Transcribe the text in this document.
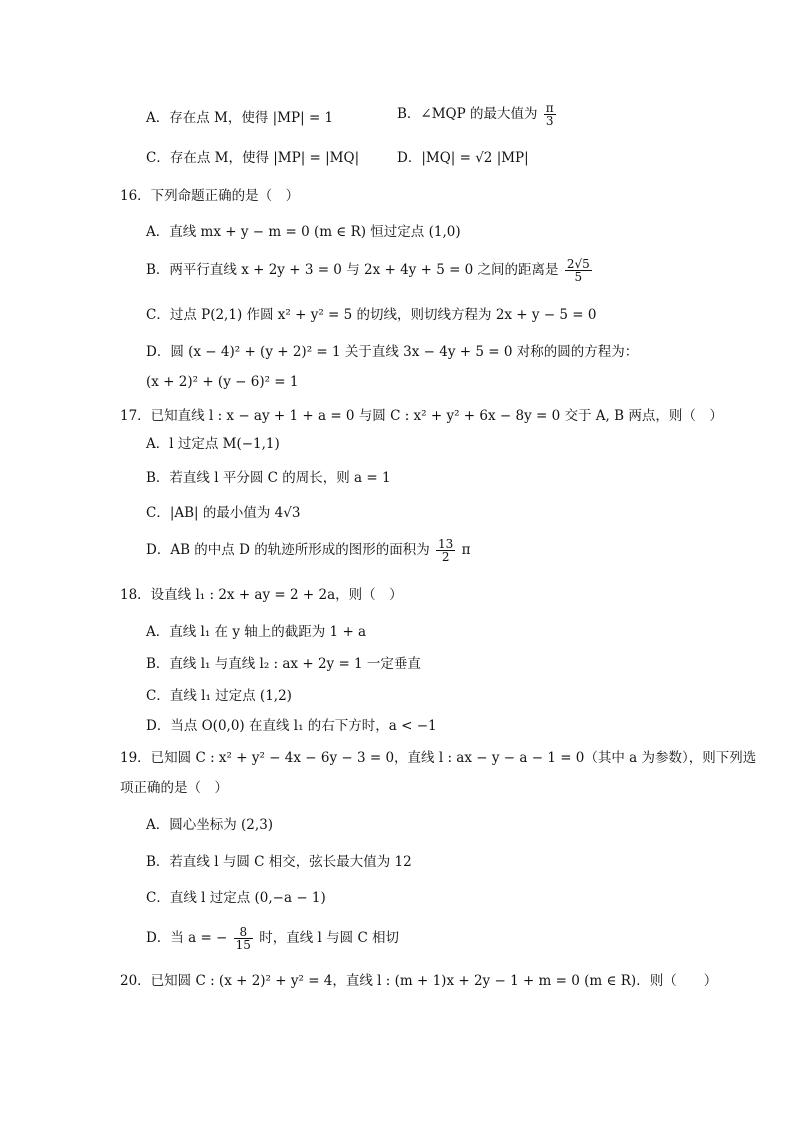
A．存在点 M，使得 |MP| = 1	B．∠MQP 的最大值为 $\frac{\pi}{3}$
C．存在点 M，使得 |MP| = |MQ|	D．|MQ| = √2 |MP|
16．下列命题正确的是（　）
A．直线 mx + y − m = 0 (m ∈ R) 恒过定点 (1,0)
B．两平行直线 x + 2y + 3 = 0 与 2x + 4y + 5 = 0 之间的距离是 $\frac{2√5}{5}$
C．过点 P(2,1) 作圆 x² + y² = 5 的切线，则切线方程为 2x + y − 5 = 0
D．圆 (x − 4)² + (y + 2)² = 1 关于直线 3x − 4y + 5 = 0 对称的圆的方程为：
(x + 2)² + (y − 6)² = 1
17．已知直线 l : x − ay + 1 + a = 0 与圆 C : x² + y² + 6x − 8y = 0 交于 A, B 两点，则（　）
A．l 过定点 M(−1,1)
B．若直线 l 平分圆 C 的周长，则 a = 1
C．|AB| 的最小值为 4√3
D．AB 的中点 D 的轨迹所形成的图形的面积为 $\frac{13}{2}$ π
18．设直线 l₁ : 2x + ay = 2 + 2a，则（　）
A．直线 l₁ 在 y 轴上的截距为 1 + a
B．直线 l₁ 与直线 l₂ : ax + 2y = 1 一定垂直
C．直线 l₁ 过定点 (1,2)
D．当点 O(0,0) 在直线 l₁ 的右下方时，a < −1
19．已知圆 C : x² + y² − 4x − 6y − 3 = 0，直线 l : ax − y − a − 1 = 0（其中 a 为参数），则下列选
项正确的是（　）
A．圆心坐标为 (2,3)
B．若直线 l 与圆 C 相交，弦长最大值为 12
C．直线 l 过定点 (0,−a − 1)
D．当 a = − $\frac{8}{15}$ 时，直线 l 与圆 C 相切
20．已知圆 C : (x + 2)² + y² = 4，直线 l : (m + 1)x + 2y − 1 + m = 0 (m ∈ R)．则（　　）
